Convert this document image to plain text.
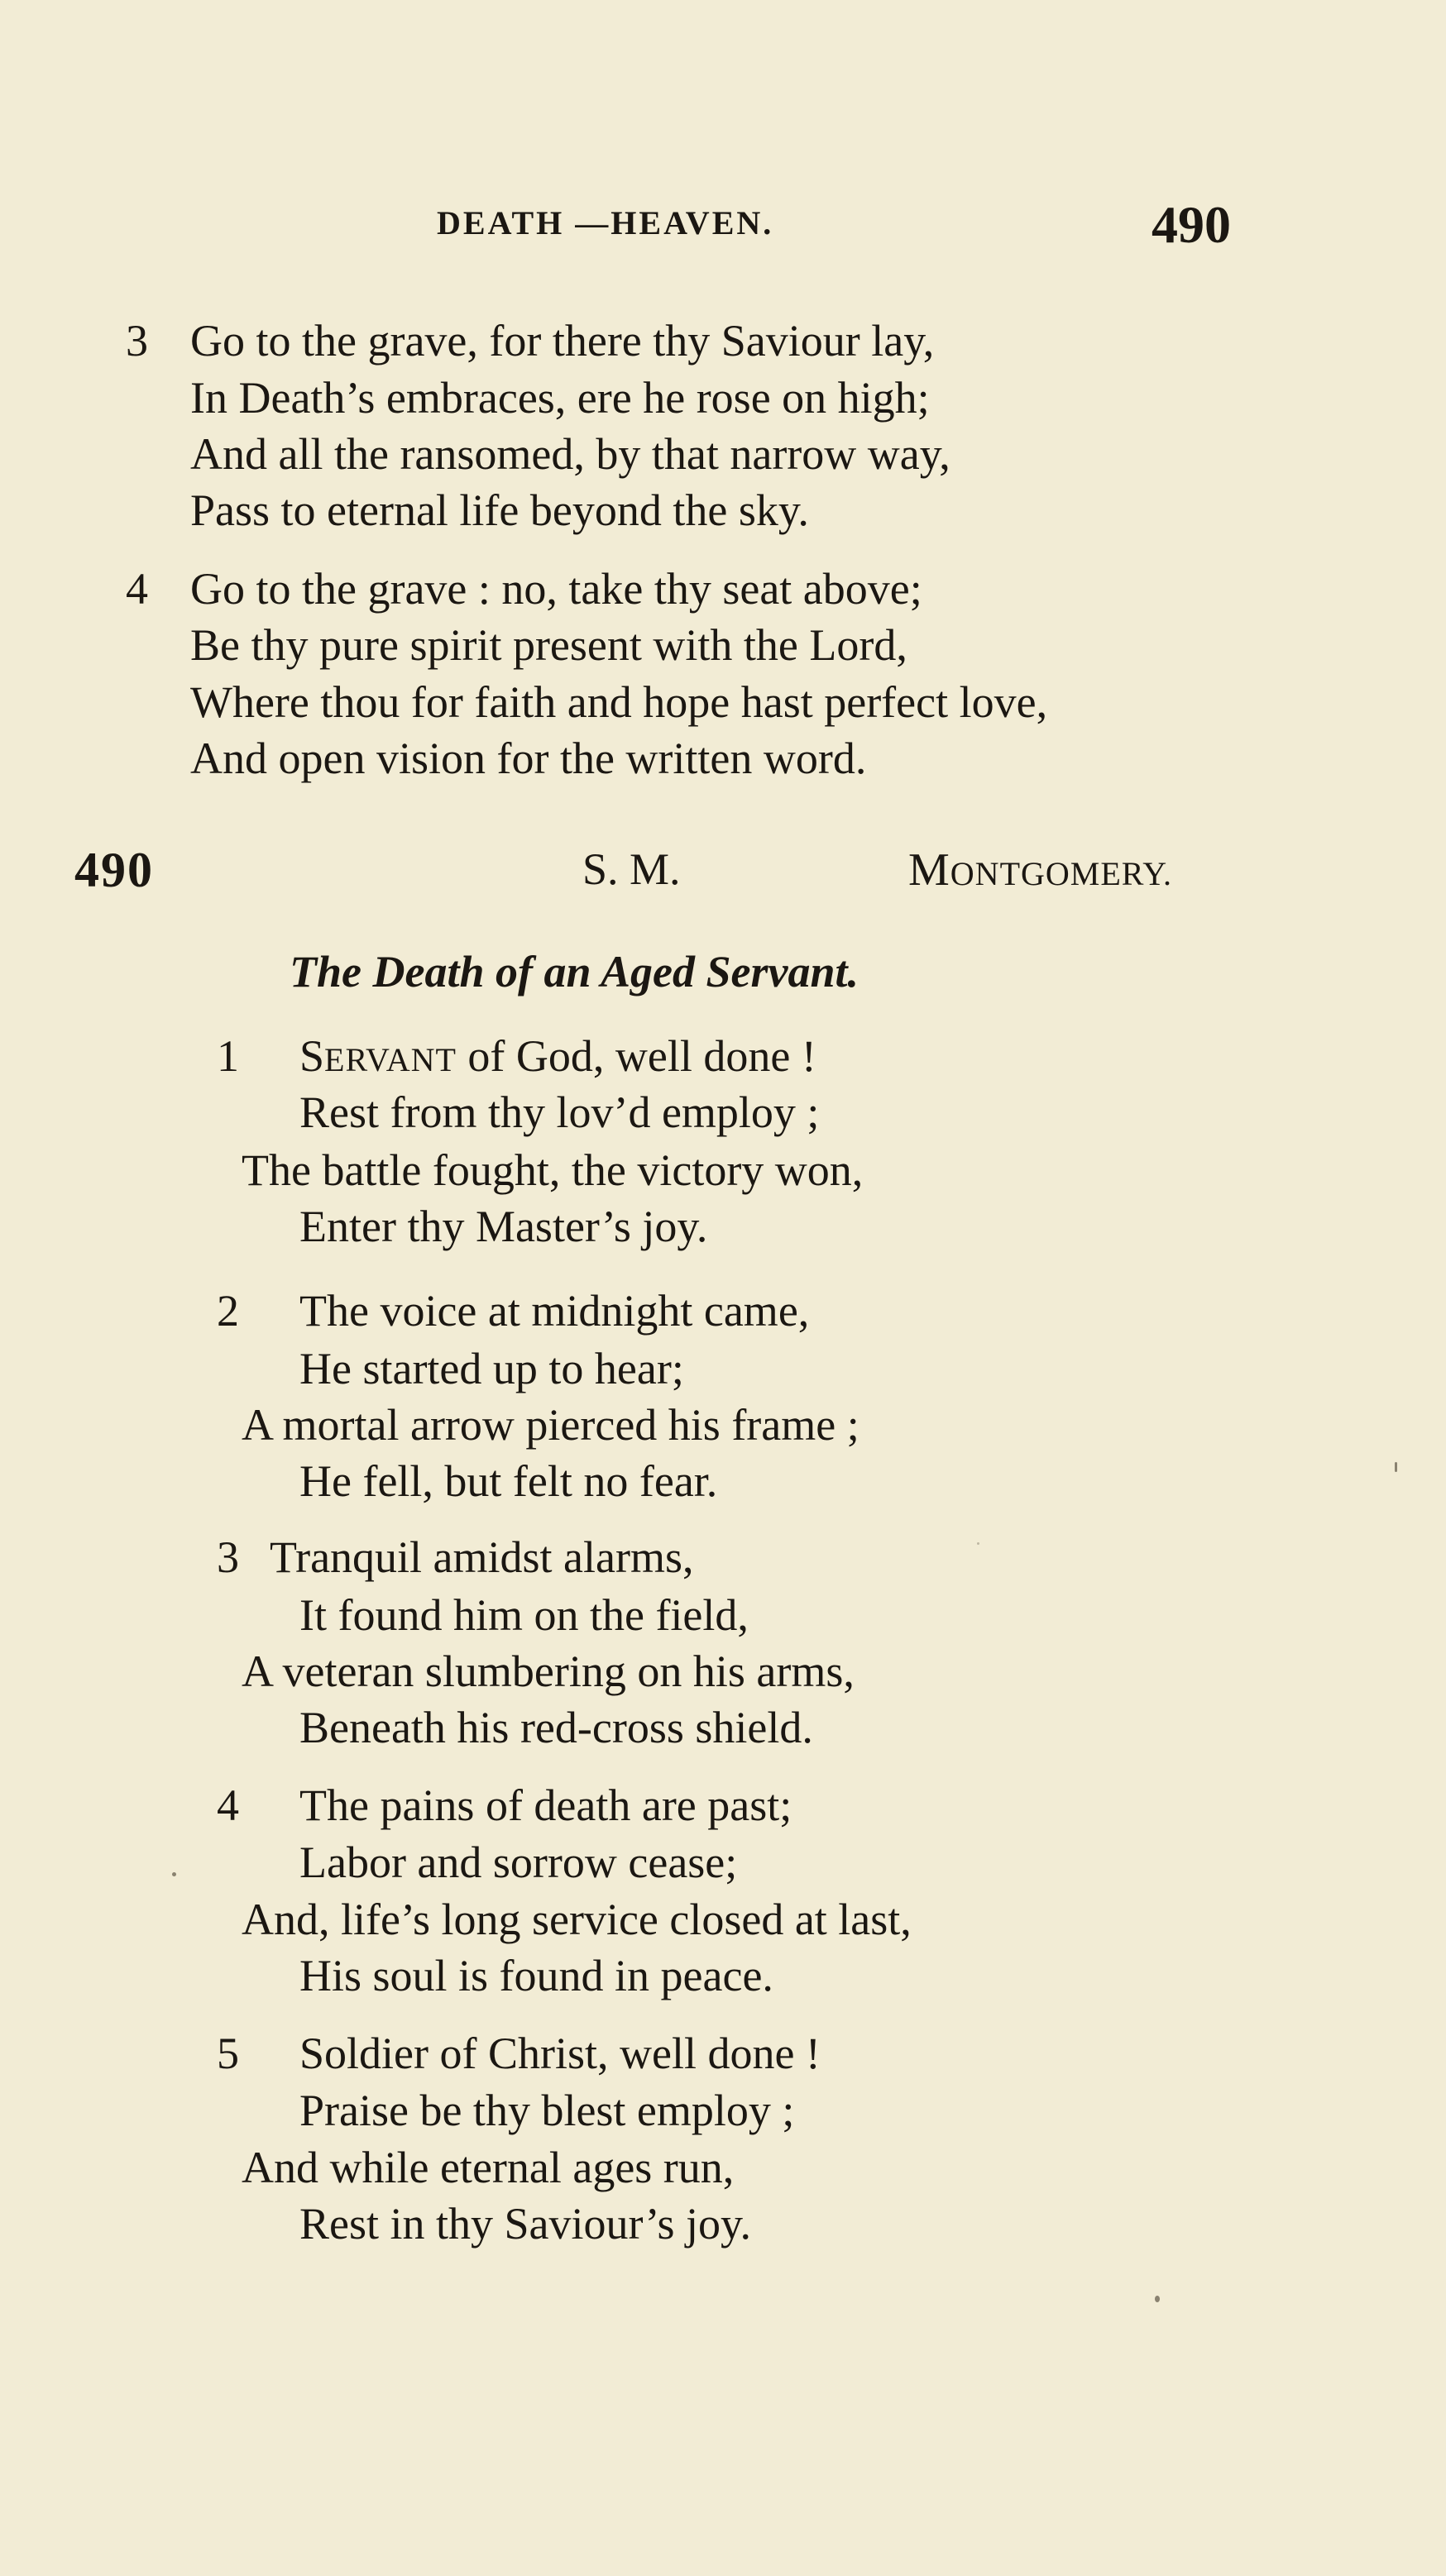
DEATH —HEAVEN.	490
3 Go to the grave, for there thy Saviour lay,
In Death’s embraces, ere he rose on high;
And all the ransomed, by that narrow way,
Pass to eternal life beyond the sky.
4 Go to the grave : no, take thy seat above;
Be thy pure spirit present with the Lord,
Where thou for faith and hope hast perfect love,
And open vision for the written word.
490	S. M.	MONTGOMERY.
The Death of an Aged Servant.
1 SERVANT of God, well done !
Rest from thy lov’d employ ;
The battle fought, the victory won,
Enter thy Master’s joy.
2 The voice at midnight came,
He started up to hear;
A mortal arrow pierced his frame ;
He fell, but felt no fear.
3 Tranquil amidst alarms,
It found him on the field,
A veteran slumbering on his arms,
Beneath his red-cross shield.
4 The pains of death are past;
Labor and sorrow cease;
And, life’s long service closed at last,
His soul is found in peace.
5 Soldier of Christ, well done !
Praise be thy blest employ ;
And while eternal ages run,
Rest in thy Saviour’s joy.
